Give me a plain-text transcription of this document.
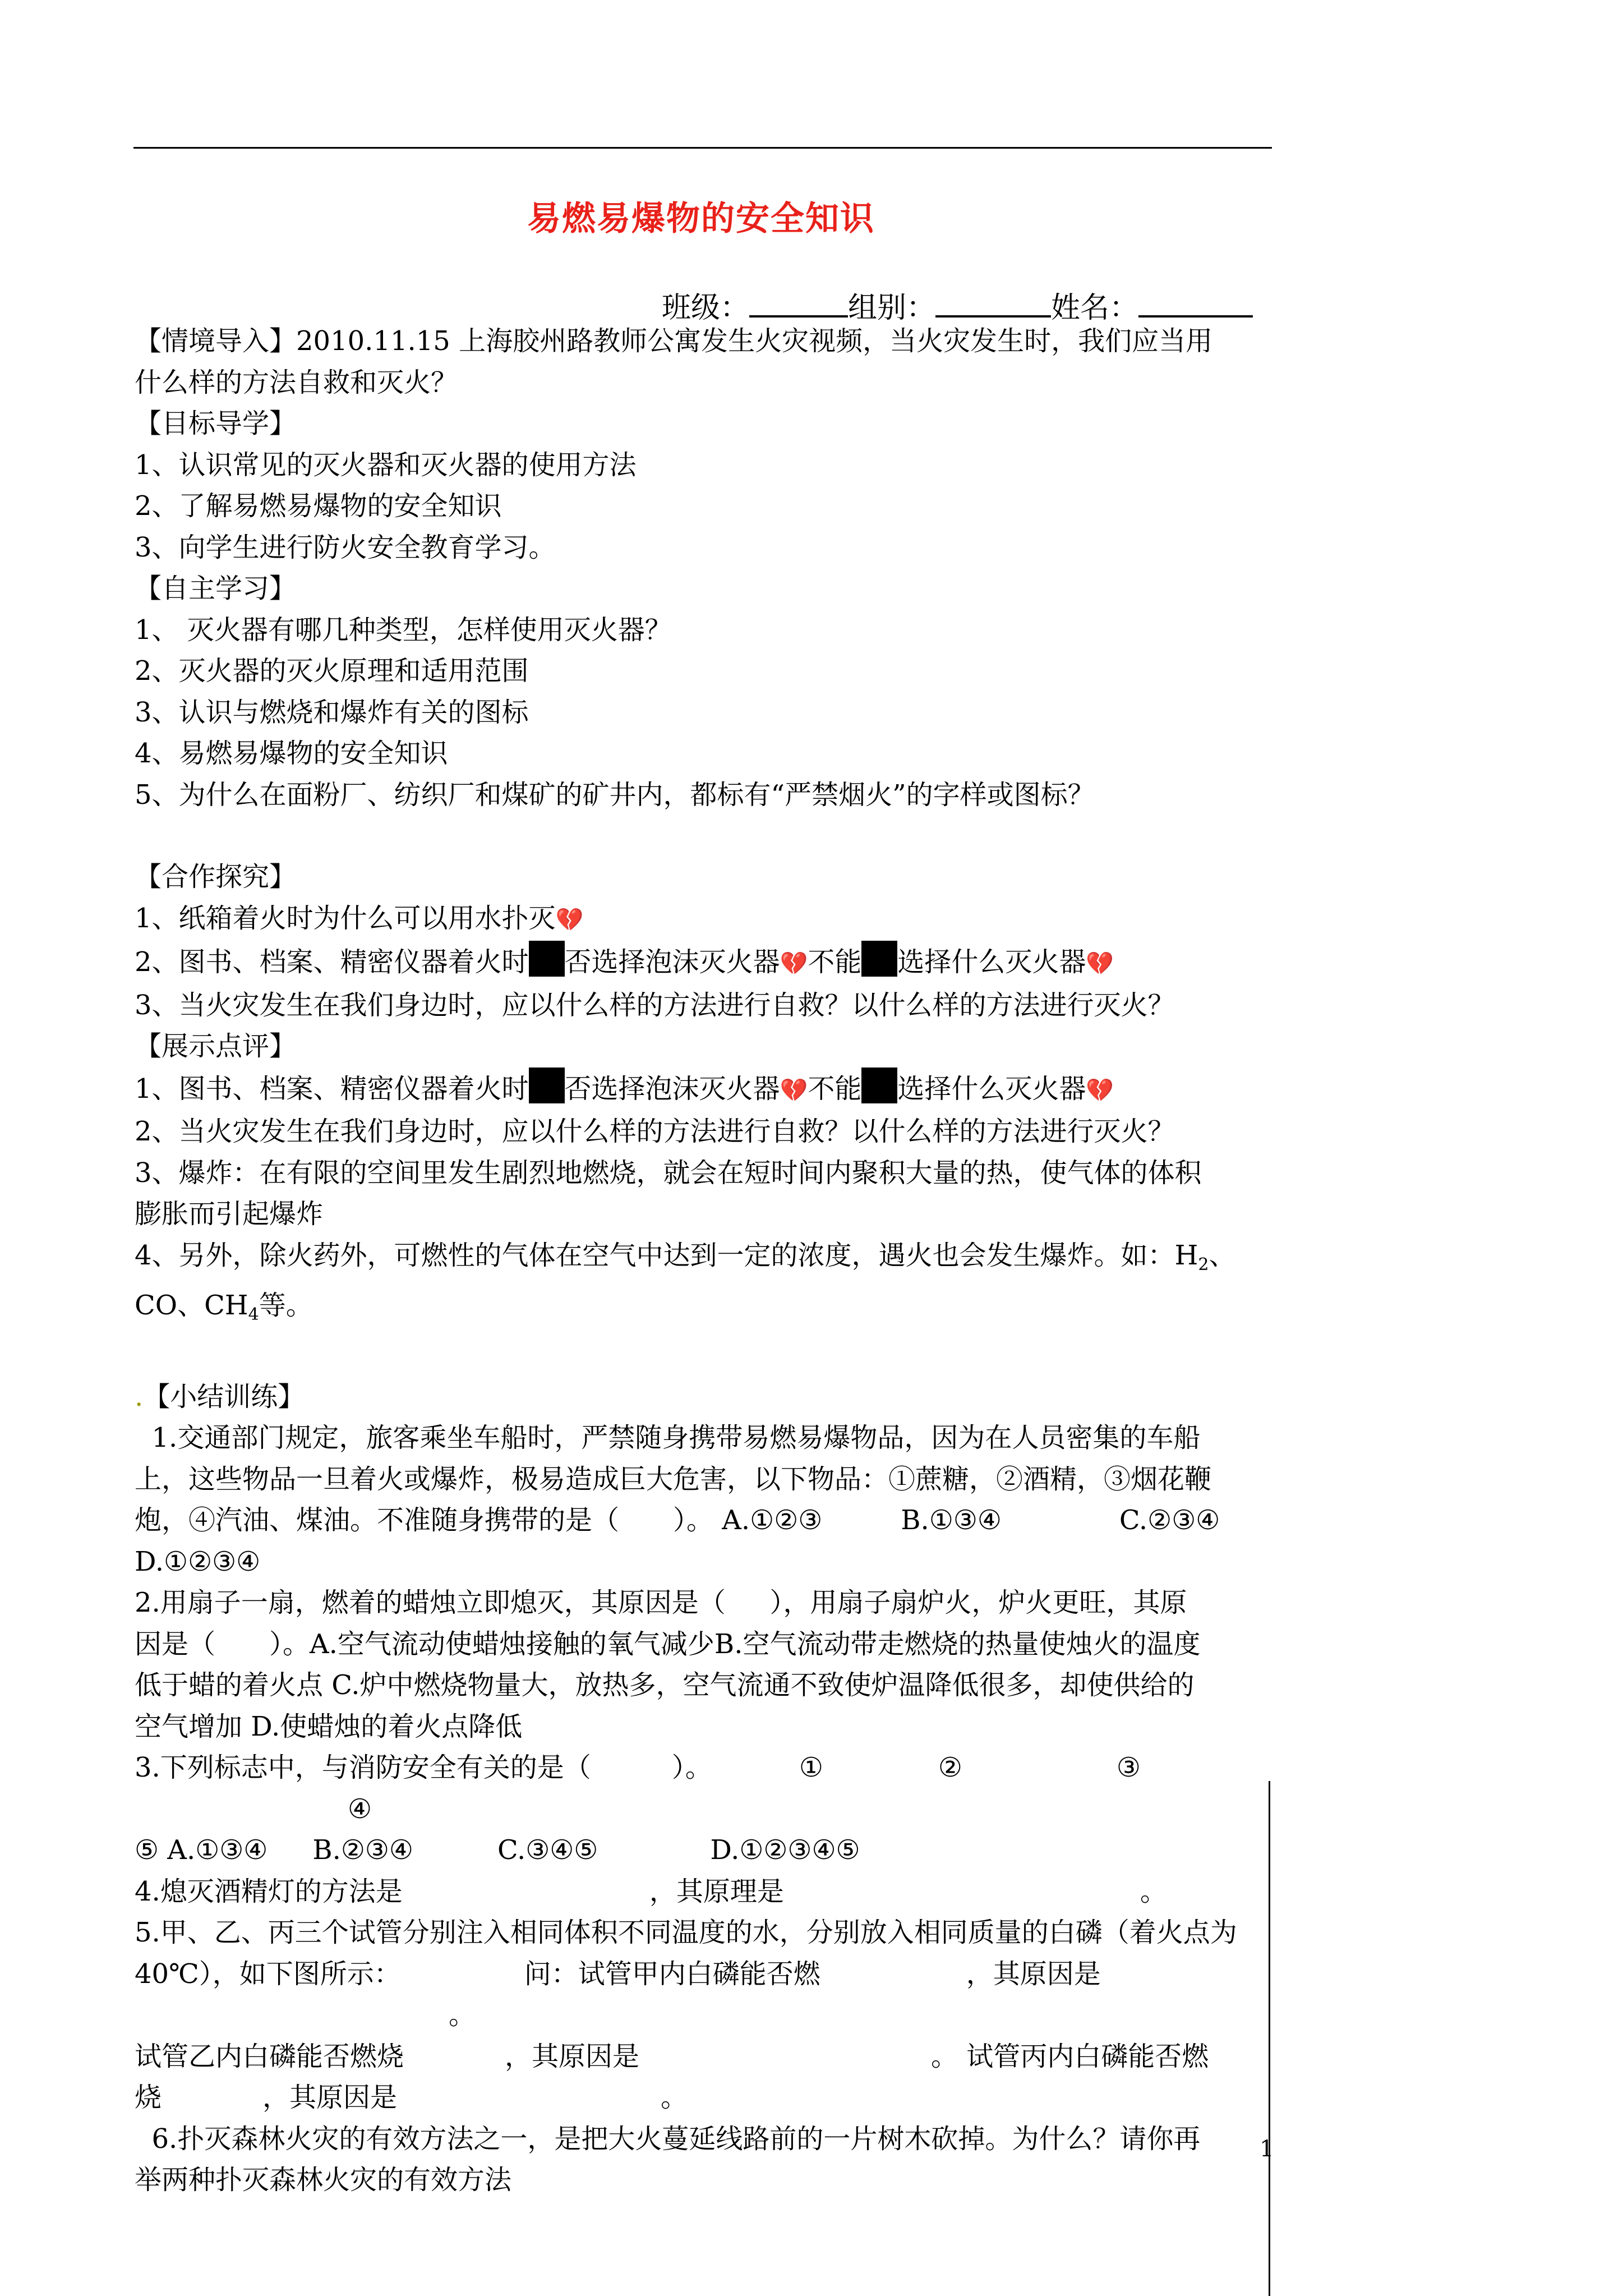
易燃易爆物的安全知识
班级：	组别：	姓名：

【情境导入】2010.11.15 上海胶州路教师公寓发生火灾视频，当火灾发生时，我们应当用

什么样的方法自救和灭火？

【目标导学】

1、认识常见的灭火器和灭火器的使用方法

2、了解易燃易爆物的安全知识

3、向学生进行防火安全教育学习。

【自主学习】

1、 灭火器有哪几种类型，怎样使用灭火器？

2、灭火器的灭火原理和适用范围

3、认识与燃烧和爆炸有关的图标

4、易燃易爆物的安全知识

5、为什么在面粉厂、纺织厂和煤矿的矿井内，都标有“严禁烟火”的字样或图标？

【合作探究】

1、纸箱着火时为什么可以用水扑灭💔

2、图书、档案、精密仪器着火时 否选择泡沫灭火器💔不能 选择什么灭火器💔

3、当火灾发生在我们身边时，应以什么样的方法进行自救？以什么样的方法进行灭火？

【展示点评】

1、图书、档案、精密仪器着火时 否选择泡沫灭火器💔不能 选择什么灭火器💔

2、当火灾发生在我们身边时，应以什么样的方法进行自救？以什么样的方法进行灭火？

3、爆炸：在有限的空间里发生剧烈地燃烧，就会在短时间内聚积大量的热，使气体的体积

膨胀而引起爆炸

4、另外，除火药外，可燃性的气体在空气中达到一定的浓度，遇火也会发生爆炸。如：$H_2$、

CO、$CH_4$等。

.【小结训练】

1.交通部门规定，旅客乘坐车船时，严禁随身携带易燃易爆物品，因为在人员密集的车船

上，这些物品一旦着火或爆炸，极易造成巨大危害，以下物品：①蔗糖，②酒精，③烟花鞭

炮，④汽油、煤油。不准随身携带的是（　　）。 A.①②③	B.①③④	C.②③④

D.①②③④

2.用扇子一扇，燃着的蜡烛立即熄灭，其原因是（ 　 ），用扇子扇炉火，炉火更旺，其原

因是（　　）。A.空气流动使蜡烛接触的氧气减少B.空气流动带走燃烧的热量使烛火的温度

低于蜡的着火点 C.炉中燃烧物量大，放热多，空气流通不致使炉温降低很多，却使供给的

空气增加 D.使蜡烛的着火点降低

3.下列标志中，与消防安全有关的是（　　　）。	①	②	③④

⑤ A.①③④ B.②③④	C.③④⑤	D.①②③④⑤

4.熄灭酒精灯的方法是	，其原理是	。

5.甲、乙、丙三个试管分别注入相同体积不同温度的水，分别放入相同质量的白磷（着火点为

40℃），如下图所示：	问：试管甲内白磷能否燃	，其原因是。

试管乙内白磷能否燃烧	，其原因是	。 试管丙内白磷能否燃

烧	，其原因是	。

6.扑灭森林火灾的有效方法之一，是把大火蔓延线路前的一片树木砍掉。为什么？请你再

举两种扑灭森林火灾的有效方法

1
